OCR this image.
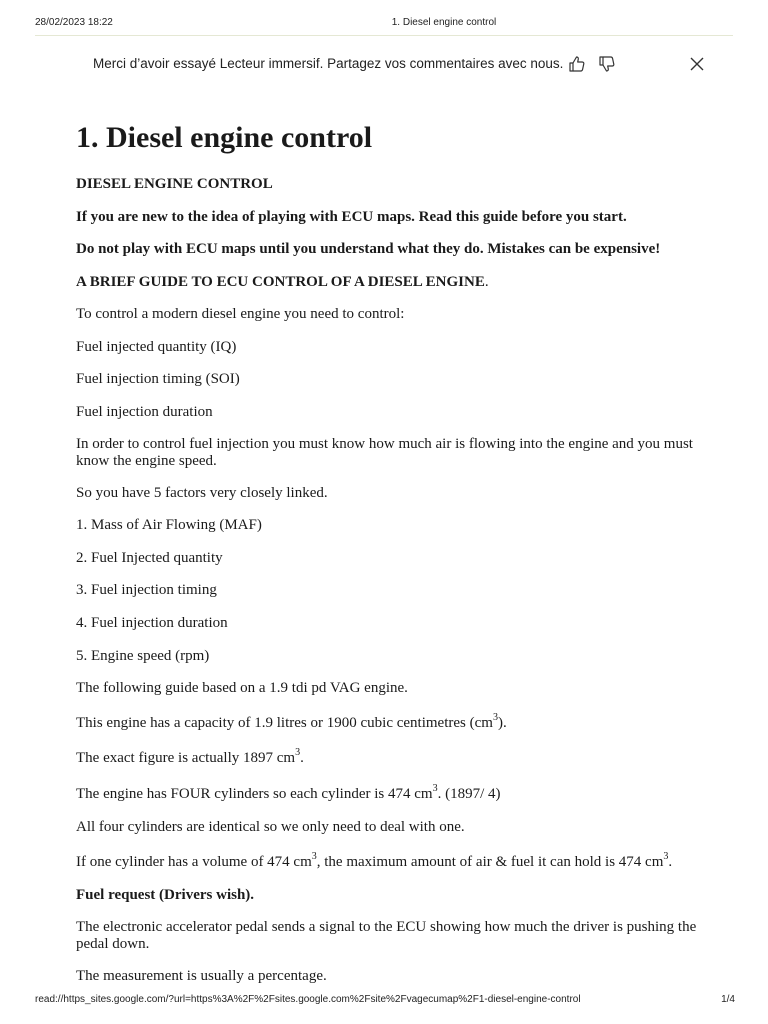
28/02/2023 18:22	1. Diesel engine control
Merci d’avoir essayé Lecteur immersif. Partagez vos commentaires avec nous.
1. Diesel engine control
DIESEL ENGINE CONTROL
If you are new to the idea of playing with ECU maps. Read this guide before you start.
Do not play with ECU maps until you understand what they do. Mistakes can be expensive!
A BRIEF GUIDE TO ECU CONTROL OF A DIESEL ENGINE.
To control a modern diesel engine you need to control:
Fuel injected quantity (IQ)
Fuel injection timing (SOI)
Fuel injection duration
In order to control fuel injection you must know how much air is flowing into the engine and you must know the engine speed.
So you have 5 factors very closely linked.
1. Mass of Air Flowing (MAF)
2. Fuel Injected quantity
3. Fuel injection timing
4. Fuel injection duration
5. Engine speed (rpm)
The following guide based on a 1.9 tdi pd VAG engine.
This engine has a capacity of 1.9 litres or 1900 cubic centimetres $(cm^3)$.
The exact figure is actually 1897 $cm^3$.
The engine has FOUR cylinders so each cylinder is 474 $cm^3$. (1897/ 4)
All four cylinders are identical so we only need to deal with one.
If one cylinder has a volume of 474 $cm^3$, the maximum amount of air & fuel it can hold is 474 $cm^3$.
Fuel request (Drivers wish).
The electronic accelerator pedal sends a signal to the ECU showing how much the driver is pushing the pedal down.
The measurement is usually a percentage.
read://https_sites.google.com/?url=https%3A%2F%2Fsites.google.com%2Fsite%2Fvagecumap%2F1-diesel-engine-control	1/4
